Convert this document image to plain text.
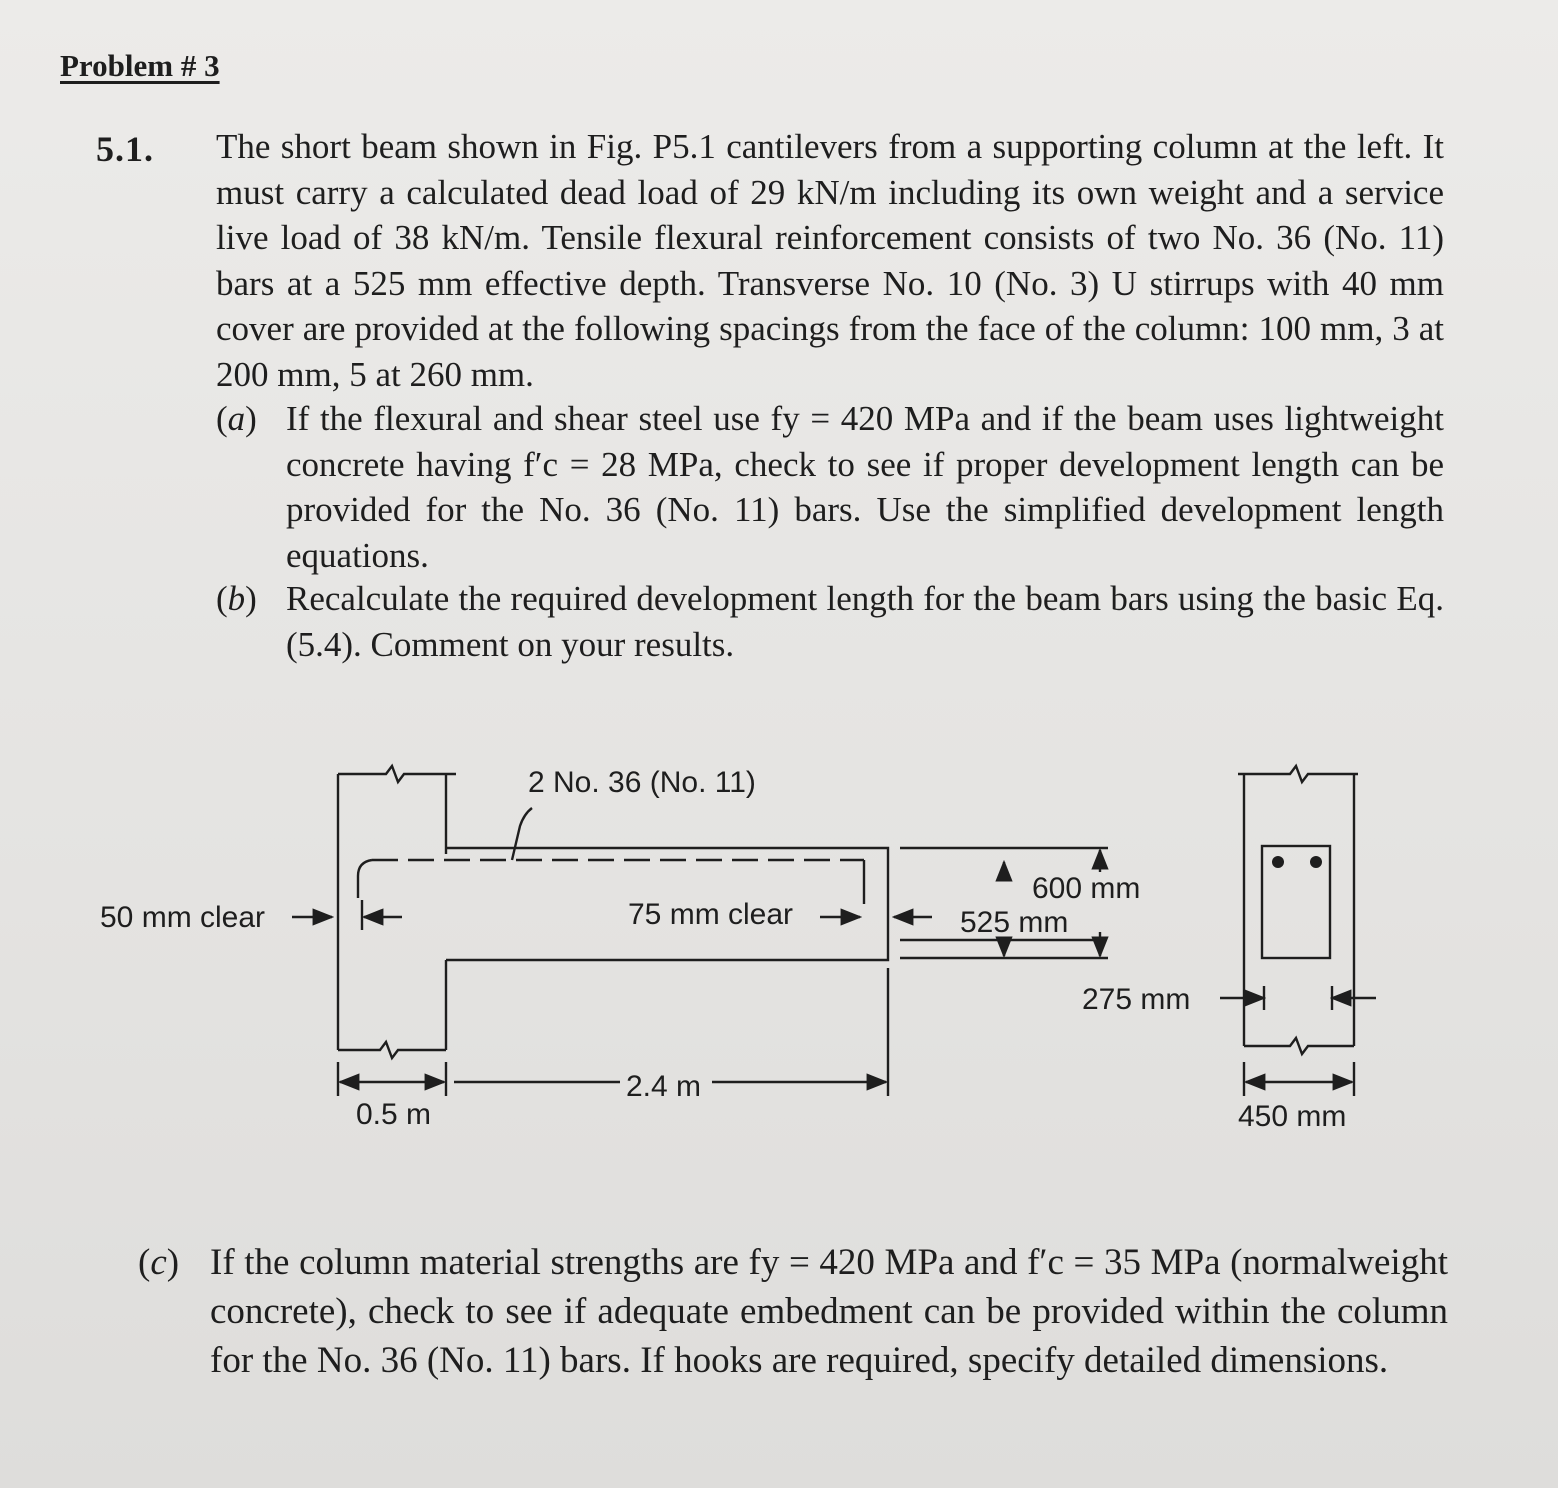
Problem # 3
5.1. The short beam shown in Fig. P5.1 cantilevers from a supporting column at the left. It must carry a calculated dead load of 29 kN/m including its own weight and a service live load of 38 kN/m. Tensile flexural reinforcement consists of two No. 36 (No. 11) bars at a 525 mm effective depth. Transverse No. 10 (No. 3) U stirrups with 40 mm cover are provided at the following spacings from the face of the column: 100 mm, 3 at 200 mm, 5 at 260 mm.
(a) If the flexural and shear steel use fy = 420 MPa and if the beam uses lightweight concrete having f′c = 28 MPa, check to see if proper development length can be provided for the No. 36 (No. 11) bars. Use the simplified development length equations.
(b) Recalculate the required development length for the beam bars using the basic Eq. (5.4). Comment on your results.
2 No. 36 (No. 11)
50 mm clear	75 mm clear
600 mm
525 mm
275 mm
0.5 m
2.4 m
450 mm
(c) If the column material strengths are fy = 420 MPa and f′c = 35 MPa (normalweight concrete), check to see if adequate embedment can be provided within the column for the No. 36 (No. 11) bars. If hooks are required, specify detailed dimensions.
